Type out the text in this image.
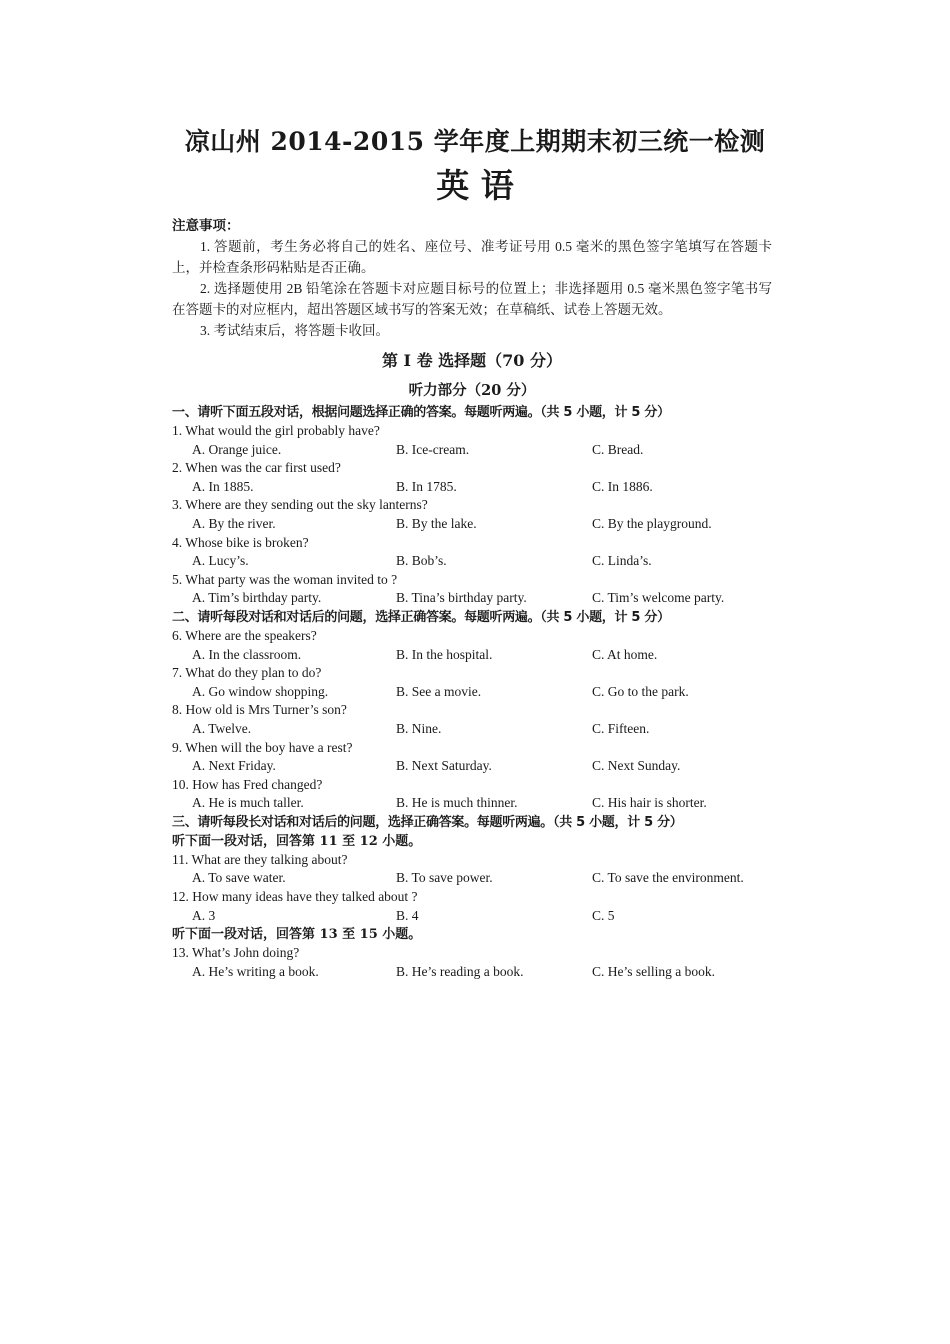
凉山州 2014-2015 学年度上期期末初三统一检测
英 语
注意事项：
1. 答题前，考生务必将自己的姓名、座位号、准考证号用 0.5 毫米的黑色签字笔填写在答题卡上，并检查条形码粘贴是否正确。
2. 选择题使用 2B 铅笔涂在答题卡对应题目标号的位置上；非选择题用 0.5 毫米黑色签字笔书写在答题卡的对应框内，超出答题区域书写的答案无效；在草稿纸、试卷上答题无效。
3. 考试结束后，将答题卡收回。
第 I 卷 选择题（70 分）
听力部分（20 分）
一、请听下面五段对话，根据问题选择正确的答案。每题听两遍。（共 5 小题，计 5 分）
1. What would the girl probably have?
A. Orange juice.	B. Ice-cream.	C. Bread.
2. When was the car first used?
A. In 1885.	B. In 1785.	C. In 1886.
3. Where are they sending out the sky lanterns?
A. By the river.	B. By the lake.	C. By the playground.
4. Whose bike is broken?
A. Lucy’s.	B. Bob’s.	C. Linda’s.
5. What party was the woman invited to ?
A. Tim’s birthday party.	B. Tina’s birthday party.	C. Tim’s welcome party.
二、请听每段对话和对话后的问题，选择正确答案。每题听两遍。（共 5 小题，计 5 分）
6. Where are the speakers?
A. In the classroom.	B. In the hospital.	C. At home.
7. What do they plan to do?
A. Go window shopping.	B. See a movie.	C. Go to the park.
8. How old is Mrs Turner’s son?
A. Twelve.	B. Nine.	C. Fifteen.
9. When will the boy have a rest?
A. Next Friday.	B. Next Saturday.	C. Next Sunday.
10. How has Fred changed?
A. He is much taller.	B. He is much thinner.	C. His hair is shorter.
三、请听每段长对话和对话后的问题，选择正确答案。每题听两遍。（共 5 小题，计 5 分）
听下面一段对话，回答第 11 至 12 小题。
11. What are they talking about?
A. To save water.	B. To save power.	C. To save the environment.
12. How many ideas have they talked about ?
A. 3	B. 4	C. 5
听下面一段对话，回答第 13 至 15 小题。
13. What’s John doing?
A. He’s writing a book.	B. He’s reading a book.	C. He’s selling a book.
